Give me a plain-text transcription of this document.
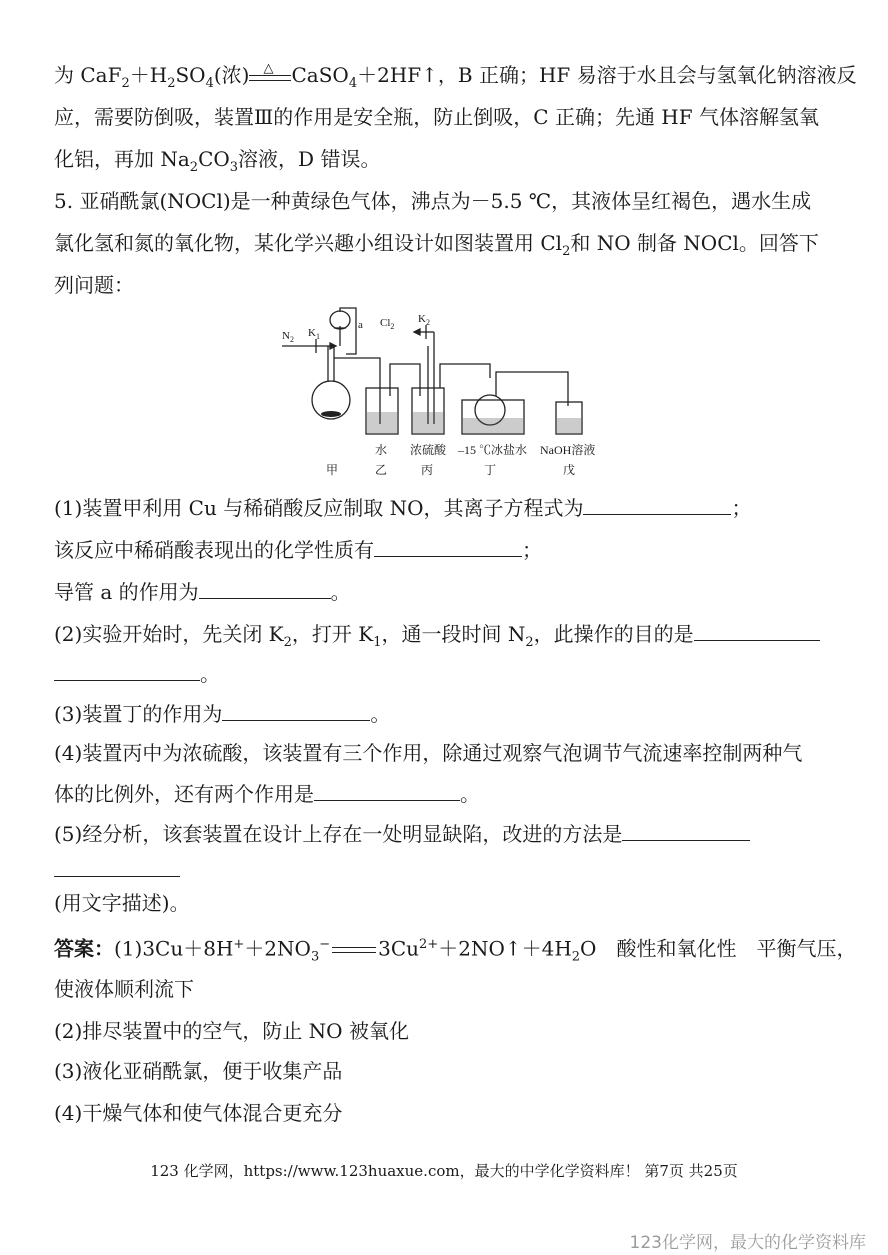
为 $CaF_2+H_2SO_4$(浓) △ CaSO$_4$＋2HF↑，B 正确；HF 易溶于水且会与氢氧化钠溶液反
应，需要防倒吸，装置Ⅲ的作用是安全瓶，防止倒吸，C 正确；先通 HF 气体溶解氢氧
化铝，再加 $Na_2CO_3$溶液，D 错误。
5. 亚硝酰氯(NOCl)是一种黄绿色气体，沸点为－5.5 ℃，其液体呈红褐色，遇水生成
氯化氢和氮的氧化物，某化学兴趣小组设计如图装置用 $Cl_2$和 NO 制备 NOCl。回答下
列问题：
$N_2$
$K_1$
a $Cl_2$
$K_2$
水 浓硫酸 –15 ℃冰盐水 NaOH溶液
甲	乙	丙	丁	戊
(1)装置甲利用 Cu 与稀硝酸反应制取 NO，其离子方程式为	；
该反应中稀硝酸表现出的化学性质有	；
导管 a 的作用为	。
(2)实验开始时，先关闭 $K_2$，打开 $K_1$，通一段时间 $N_2$，此操作的目的是
。
(3)装置丁的作用为	。
(4)装置丙中为浓硫酸，该装置有三个作用，除通过观察气泡调节气流速率控制两种气
体的比例外，还有两个作用是	。
(5)经分析，该套装置在设计上存在一处明显缺陷，改进的方法是
(用文字描述)。
答案：$(1)3Cu+8H^++2NO_3^-$ $3Cu^{2+}+2NO↑+4H_2O$　酸性和氧化性　平衡气压，
使液体顺利流下
(2)排尽装置中的空气，防止 NO 被氧化
(3)液化亚硝酰氯，便于收集产品
(4)干燥气体和使气体混合更充分
123 化学网，https://www.123huaxue.com，最大的中学化学资料库！ 第7页 共25页
123化学网，最大的化学资料库
